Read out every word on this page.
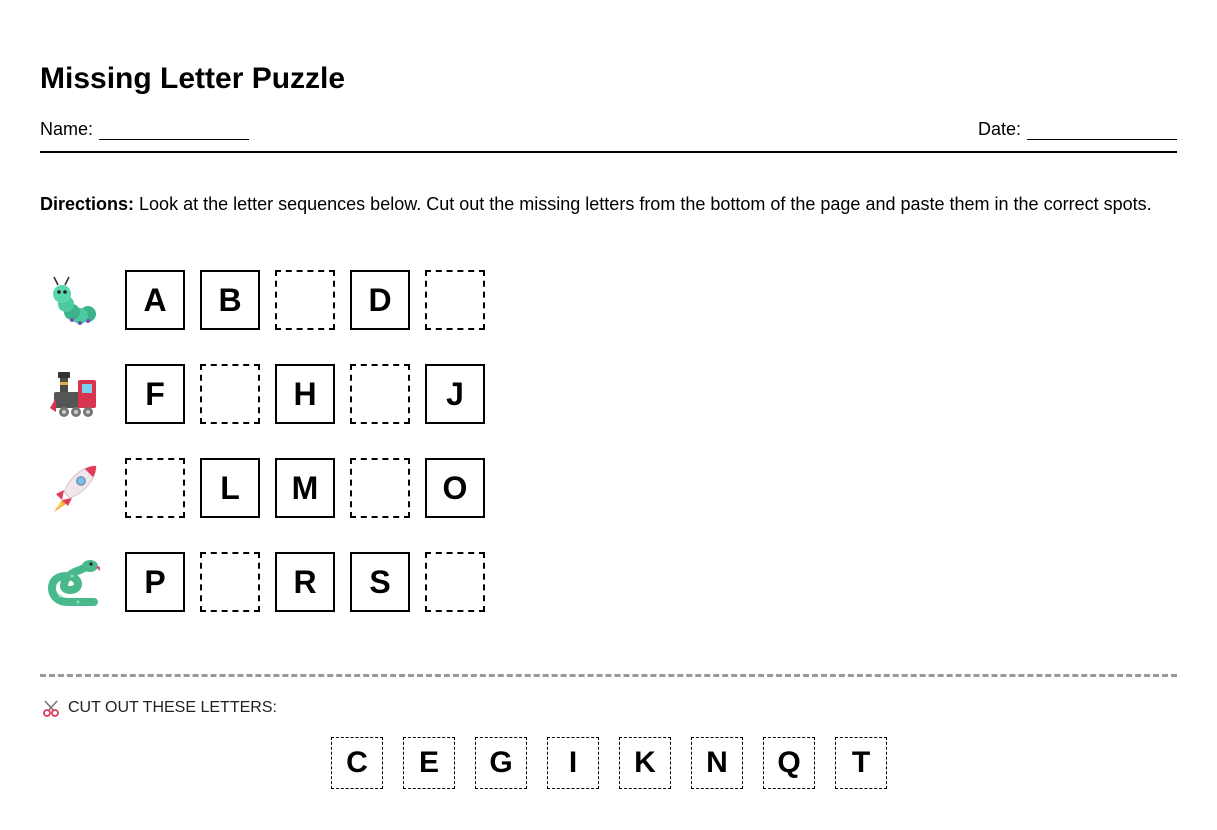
Missing Letter Puzzle
Name:	Date:
Directions: Look at the letter sequences below. Cut out the missing letters from the bottom of the page and paste them in the correct spots.
A	B	D
F	H	J
L	M	O
P	R	S
CUT OUT THESE LETTERS:
C	E	G	I	K	N	Q	T
